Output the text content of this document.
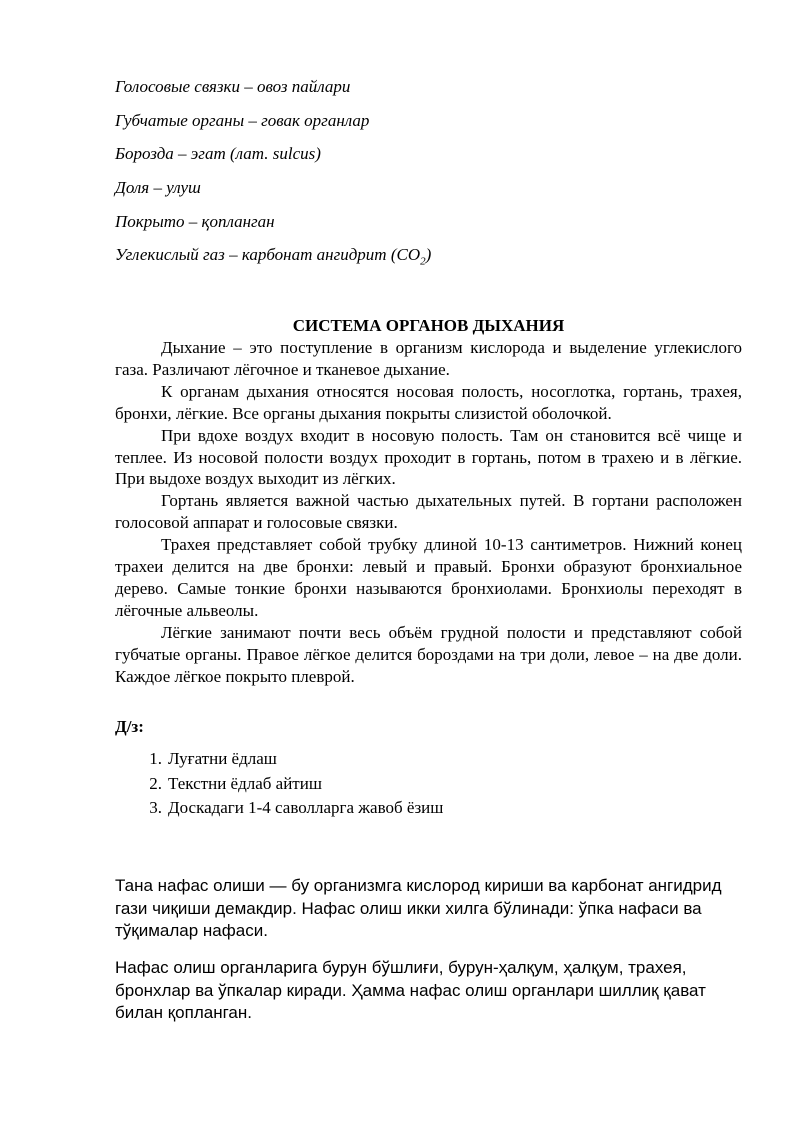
Голосовые связки – овоз пайлари
Губчатые органы – говак органлар
Борозда – эгат (лат. sulcus)
Доля – улуш
Покрыто – қопланган
Углекислый газ – карбонат ангидрит $(CO_2)$
СИСТЕМА ОРГАНОВ ДЫХАНИЯ

Дыхание – это поступление в организм кислорода и выделение углекислого газа. Различают лёгочное и тканевое дыхание.

К органам дыхания относятся носовая полость, носоглотка, гортань, трахея, бронхи, лёгкие. Все органы дыхания покрыты слизистой оболочкой.

При вдохе воздух входит в носовую полость. Там он становится всё чище и теплее. Из носовой полости воздух проходит в гортань, потом в трахею и в лёгкие. При выдохе воздух выходит из лёгких.

Гортань является важной частью дыхательных путей. В гортани расположен голосовой аппарат и голосовые связки.

Трахея представляет собой трубку длиной 10-13 сантиметров. Нижний конец трахеи делится на две бронхи: левый и правый. Бронхи образуют бронхиальное дерево. Самые тонкие бронхи называются бронхиолами. Бронхиолы переходят в лёгочные альвеолы.

Лёгкие занимают почти весь объём грудной полости и представляют собой губчатые органы. Правое лёгкое делится бороздами на три доли, левое – на две доли. Каждое лёгкое покрыто плеврой.

Д/з:

1. Луғатни ёдлаш
2. Текстни ёдлаб айтиш
3. Доскадаги 1-4 саволларга жавоб ёзиш

Тана нафас олиши — бу организмга кислород кириши ва карбонат ангидрид гази чиқиши демакдир. Нафас олиш икки хилга бўлинади: ўпка нафаси ва тўқималар нафаси.

Нафас олиш органларига бурун бўшлиғи, бурун-ҳалқум, ҳалқум, трахея, бронхлар ва ўпкалар киради. Ҳамма нафас олиш органлари шиллиқ қават билан қопланган.
